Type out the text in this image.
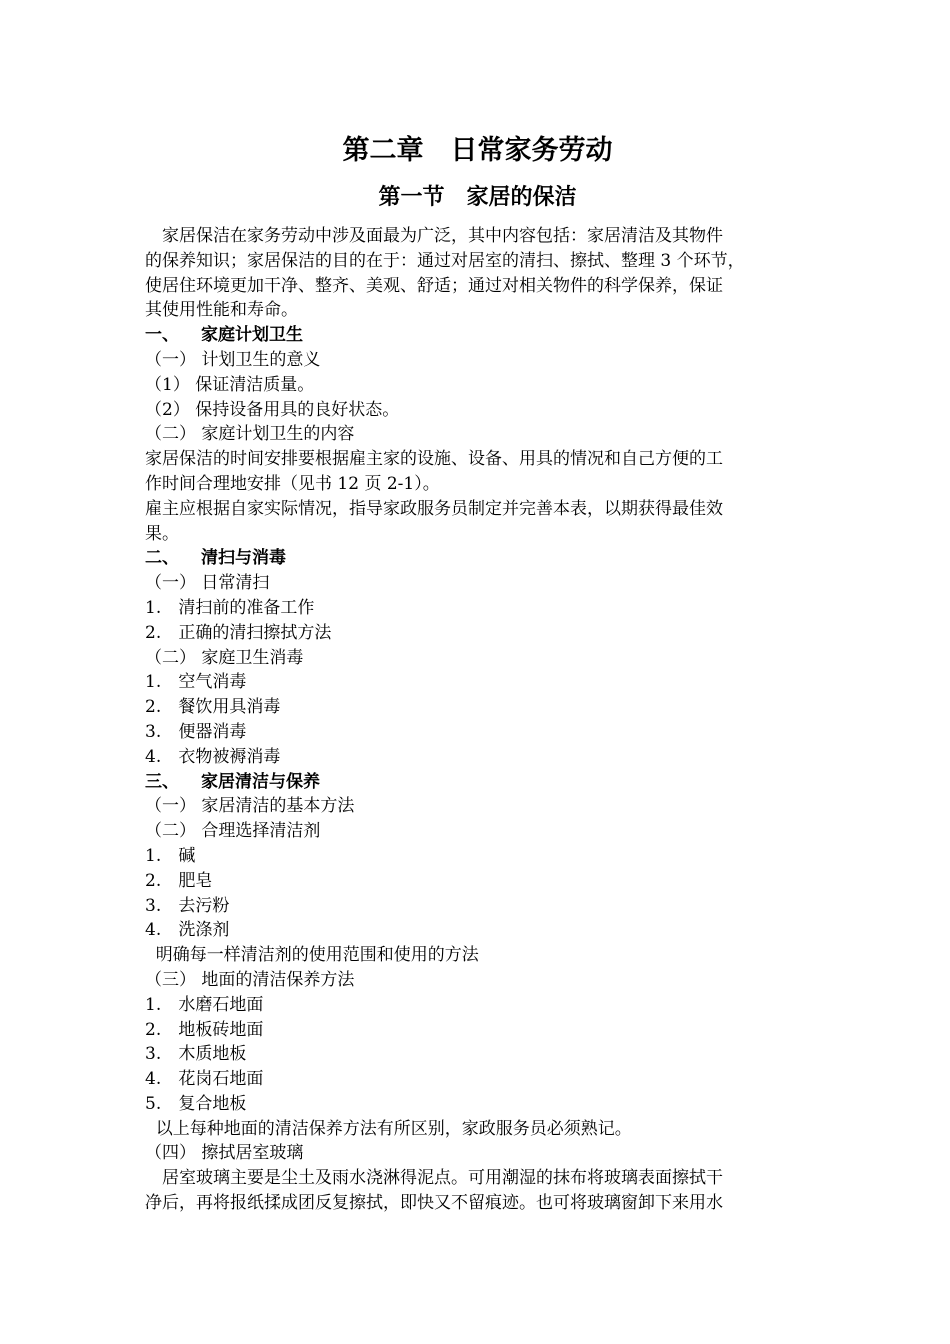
第二章　日常家务劳动
第一节　家居的保洁
　家居保洁在家务劳动中涉及面最为广泛，其中内容包括：家居清洁及其物件
的保养知识；家居保洁的目的在于：通过对居室的清扫、擦拭、整理 3 个环节，
使居住环境更加干净、整齐、美观、舒适；通过对相关物件的科学保养，保证
其使用性能和寿命。
一、 家庭计划卫生
（一） 计划卫生的意义
（1） 保证清洁质量。
（2） 保持设备用具的良好状态。
（二） 家庭计划卫生的内容
家居保洁的时间安排要根据雇主家的设施、设备、用具的情况和自己方便的工
作时间合理地安排（见书 12 页 2-1）。
雇主应根据自家实际情况，指导家政服务员制定并完善本表，以期获得最佳效
果。
二、 清扫与消毒
（一） 日常清扫
1. 清扫前的准备工作
2. 正确的清扫擦拭方法
（二） 家庭卫生消毒
1. 空气消毒
2. 餐饮用具消毒
3. 便器消毒
4. 衣物被褥消毒
三、 家居清洁与保养
（一） 家居清洁的基本方法
（二） 合理选择清洁剂
1. 碱
2. 肥皂
3. 去污粉
4. 洗涤剂
明确每一样清洁剂的使用范围和使用的方法
（三） 地面的清洁保养方法
1. 水磨石地面
2. 地板砖地面
3. 木质地板
4. 花岗石地面
5. 复合地板
以上每种地面的清洁保养方法有所区别，家政服务员必须熟记。
（四） 擦拭居室玻璃
　居室玻璃主要是尘土及雨水浇淋得泥点。可用潮湿的抹布将玻璃表面擦拭干
净后，再将报纸揉成团反复擦拭，即快又不留痕迹。也可将玻璃窗卸下来用水
